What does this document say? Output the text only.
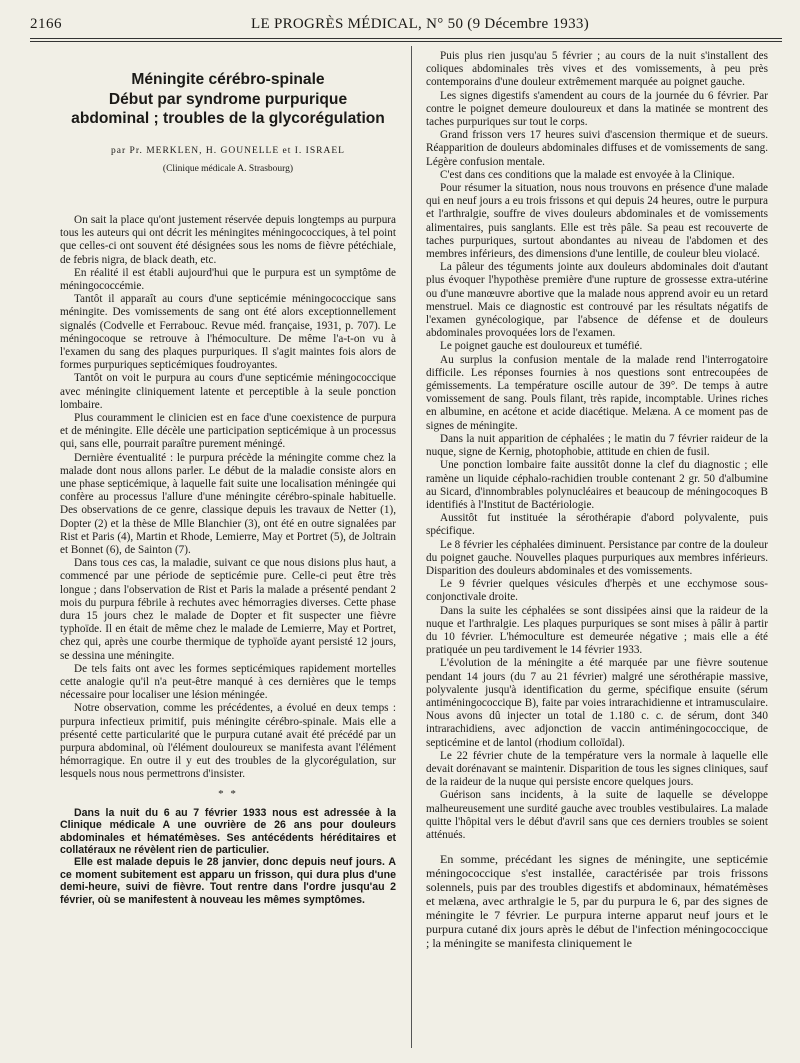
2166	LE PROGRÈS MÉDICAL, N° 50 (9 Décembre 1933)
Méningite cérébro-spinale
Début par syndrome purpurique
abdominal ; troubles de la glycorégulation
par Pr. MERKLEN, H. GOUNELLE et I. ISRAEL
(Clinique médicale A. Strasbourg)

On sait la place qu'ont justement réservée depuis longtemps au purpura tous les auteurs qui ont décrit les méningites méningococciques, à tel point que celles-ci ont souvent été désignées sous les noms de fièvre pétéchiale, de febris nigra, de black death, etc.

En réalité il est établi aujourd'hui que le purpura est un symptôme de méningococcémie.

Tantôt il apparaît au cours d'une septicémie méningococcique sans méningite. Des vomissements de sang ont été alors exceptionnellement signalés (Codvelle et Ferrabouc. Revue méd. française, 1931, p. 707). Le méningocoque se retrouve à l'hémoculture. De même l'a-t-on vu à l'examen du sang des plaques purpuriques. Il s'agit maintes fois alors de formes purpuriques septicémiques foudroyantes.

Tantôt on voit le purpura au cours d'une septicémie méningococcique avec méningite cliniquement latente et perceptible à la seule ponction lombaire.

Plus couramment le clinicien est en face d'une coexistence de purpura et de méningite. Elle décèle une participation septicémique à un processus qui, sans elle, pourrait paraître purement méningé.

Dernière éventualité : le purpura précède la méningite comme chez la malade dont nous allons parler. Le début de la maladie consiste alors en une phase septicémique, à laquelle fait suite une localisation méningée qui confère au processus l'allure d'une méningite cérébro-spinale habituelle. Des observations de ce genre, classique depuis les travaux de Netter (1), Dopter (2) et la thèse de Mlle Blanchier (3), ont été en outre signalées par Rist et Paris (4), Martin et Rhode, Lemierre, May et Portret (5), de Joltrain et Bonnet (6), de Sainton (7).

Dans tous ces cas, la maladie, suivant ce que nous disions plus haut, a commencé par une période de septicémie pure. Celle-ci peut être très longue ; dans l'observation de Rist et Paris la malade a présenté pendant 2 mois du purpura fébrile à rechutes avec hémorragies diverses. Cette phase dura 15 jours chez le malade de Dopter et fit suspecter une fièvre typhoïde. Il en était de même chez le malade de Lemierre, May et Portret, chez qui, après une courbe thermique de typhoïde ayant persisté 12 jours, se dessina une méningite.

De tels faits ont avec les formes septicémiques rapidement mortelles cette analogie qu'il n'a peut-être manqué à ces dernières que le temps nécessaire pour localiser une lésion méningée.

Notre observation, comme les précédentes, a évolué en deux temps : purpura infectieux primitif, puis méningite cérébro-spinale. Mais elle a présenté cette particularité que le purpura cutané avait été précédé par un purpura abdominal, où l'élément douloureux se manifesta avant l'élément hémorragique. En outre il y eut des troubles de la glycorégulation, sur lesquels nous nous permettrons d'insister.

* *

Dans la nuit du 6 au 7 février 1933 nous est adressée à la Clinique médicale A une ouvrière de 26 ans pour douleurs abdominales et hématémèses. Ses antécédents héréditaires et collatéraux ne révèlent rien de particulier.

Elle est malade depuis le 28 janvier, donc depuis neuf jours. A ce moment subitement est apparu un frisson, qui dura plus d'une demi-heure, suivi de fièvre. Tout rentre dans l'ordre jusqu'au 2 février, où se manifestent à nouveau les mêmes symptômes.

Puis plus rien jusqu'au 5 février ; au cours de la nuit s'installent des coliques abdominales très vives et des vomissements, à peu près contemporains d'une douleur extrêmement marquée au poignet gauche.

Les signes digestifs s'amendent au cours de la journée du 6 février. Par contre le poignet demeure douloureux et dans la matinée se montrent des taches purpuriques sur tout le corps.

Grand frisson vers 17 heures suivi d'ascension thermique et de sueurs. Réapparition de douleurs abdominales diffuses et de vomissements de sang. Légère confusion mentale.

C'est dans ces conditions que la malade est envoyée à la Clinique.

Pour résumer la situation, nous nous trouvons en présence d'une malade qui en neuf jours a eu trois frissons et qui depuis 24 heures, outre le purpura et l'arthralgie, souffre de vives douleurs abdominales et de vomissements alimentaires, puis sanglants. Elle est très pâle. Sa peau est recouverte de taches purpuriques, surtout abondantes au niveau de l'abdomen et des membres inférieurs, des dimensions d'une lentille, de couleur bleu violacé.

La pâleur des téguments jointe aux douleurs abdominales doit d'autant plus évoquer l'hypothèse première d'une rupture de grossesse extra-utérine ou d'une manœuvre abortive que la malade nous apprend avoir eu un retard menstruel. Mais ce diagnostic est controuvé par les résultats négatifs de l'examen gynécologique, par l'absence de défense et de douleurs abdominales provoquées lors de l'examen.

Le poignet gauche est douloureux et tuméfié.

Au surplus la confusion mentale de la malade rend l'interrogatoire difficile. Les réponses fournies à nos questions sont entrecoupées de gémissements. La température oscille autour de 39°. De temps à autre vomissement de sang. Pouls filant, très rapide, incomptable. Urines riches en albumine, en acétone et acide diacétique. Melæna. A ce moment pas de signes de méningite.

Dans la nuit apparition de céphalées ; le matin du 7 février raideur de la nuque, signe de Kernig, photophobie, attitude en chien de fusil.

Une ponction lombaire faite aussitôt donne la clef du diagnostic ; elle ramène un liquide céphalo-rachidien trouble contenant 2 gr. 50 d'albumine au Sicard, d'innombrables polynucléaires et beaucoup de méningocoques B identifiés à l'Institut de Bactériologie.

Aussitôt fut instituée la sérothérapie d'abord polyvalente, puis spécifique.

Le 8 février les céphalées diminuent. Persistance par contre de la douleur du poignet gauche. Nouvelles plaques purpuriques aux membres inférieurs. Disparition des douleurs abdominales et des vomissements.

Le 9 février quelques vésicules d'herpès et une ecchymose sous-conjonctivale droite.

Dans la suite les céphalées se sont dissipées ainsi que la raideur de la nuque et l'arthralgie. Les plaques purpuriques se sont mises à pâlir à partir du 10 février. L'hémoculture est demeurée négative ; mais elle a été pratiquée un peu tardivement le 14 février 1933.

L'évolution de la méningite a été marquée par une fièvre soutenue pendant 14 jours (du 7 au 21 février) malgré une sérothérapie massive, polyvalente jusqu'à identification du germe, spécifique ensuite (sérum antiméningococcique B), faite par voies intrarachidienne et intramusculaire. Nous avons dû injecter un total de 1.180 c. c. de sérum, dont 340 intrarachidiens, avec adjonction de vaccin antiméningococcique, de septicémine et de lantol (rhodium colloïdal).

Le 22 février chute de la température vers la normale à laquelle elle devait dorénavant se maintenir. Disparition de tous les signes cliniques, sauf de la raideur de la nuque qui persiste encore quelques jours.

Guérison sans incidents, à la suite de laquelle se développe malheureusement une surdité gauche avec troubles vestibulaires. La malade quitte l'hôpital vers le début d'avril sans que ces derniers troubles se soient atténués.

En somme, précédant les signes de méningite, une septicémie méningococcique s'est installée, caractérisée par trois frissons solennels, puis par des troubles digestifs et abdominaux, hématémèses et melæna, avec arthralgie le 5, par du purpura le 6, par des signes de méningite le 7 février. Le purpura interne apparut neuf jours et le purpura cutané dix jours après le début de l'infection méningococcique ; la méningite se manifesta cliniquement le
